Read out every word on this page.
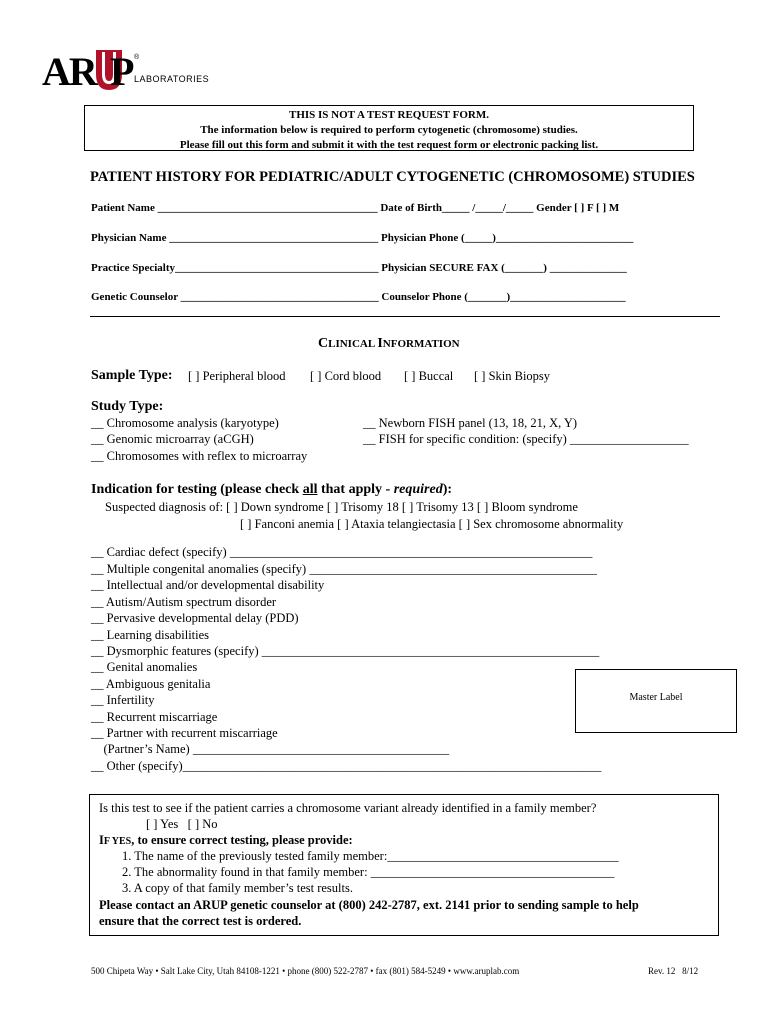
AR P ®
LABORATORIES
THIS IS NOT A TEST REQUEST FORM.
The information below is required to perform cytogenetic (chromosome) studies.
Please fill out this form and submit it with the test request form or electronic packing list.
PATIENT HISTORY FOR PEDIATRIC/ADULT CYTOGENETIC (CHROMOSOME) STUDIES
Patient Name ________________________________________ Date of Birth_____ /_____/_____ Gender [ ] F [ ] M
Physician Name ______________________________________ Physician Phone (_____)_________________________
Practice Specialty_____________________________________ Physician SECURE FAX (_______) ______________
Genetic Counselor ____________________________________ Counselor Phone (_______)_____________________
CLINICAL INFORMATION
Sample Type: [ ] Peripheral blood [ ] Cord blood [ ] Buccal [ ] Skin Biopsy
Study Type:
__ Chromosome analysis (karyotype)
__ Genomic microarray (aCGH)
__ Chromosomes with reflex to microarray
__ Newborn FISH panel (13, 18, 21, X, Y)
__ FISH for specific condition: (specify) ___________________
Indication for testing (please check all that apply - required):
Suspected diagnosis of: [ ] Down syndrome [ ] Trisomy 18 [ ] Trisomy 13 [ ] Bloom syndrome
[ ] Fanconi anemia [ ] Ataxia telangiectasia [ ] Sex chromosome abnormality
__ Cardiac defect (specify) __________________________________________________________
__ Multiple congenital anomalies (specify) ______________________________________________
__ Intellectual and/or developmental disability
__ Autism/Autism spectrum disorder
__ Pervasive developmental delay (PDD)
__ Learning disabilities
__ Dysmorphic features (specify) ______________________________________________________
__ Genital anomalies
__ Ambiguous genitalia
__ Infertility
__ Recurrent miscarriage
__ Partner with recurrent miscarriage
(Partner’s Name) _________________________________________
__ Other (specify)___________________________________________________________________
Master Label
Is this test to see if the patient carries a chromosome variant already identified in a family member?
[ ] Yes   [ ] No
IF YES, to ensure correct testing, please provide:
1. The name of the previously tested family member:_____________________________________
2. The abnormality found in that family member: _______________________________________
3. A copy of that family member’s test results.
Please contact an ARUP genetic counselor at (800) 242-2787, ext. 2141 prior to sending sample to help
ensure that the correct test is ordered.
500 Chipeta Way • Salt Lake City, Utah 84108-1221 • phone (800) 522-2787 • fax (801) 584-5249 • www.aruplab.com	Rev. 12   8/12
